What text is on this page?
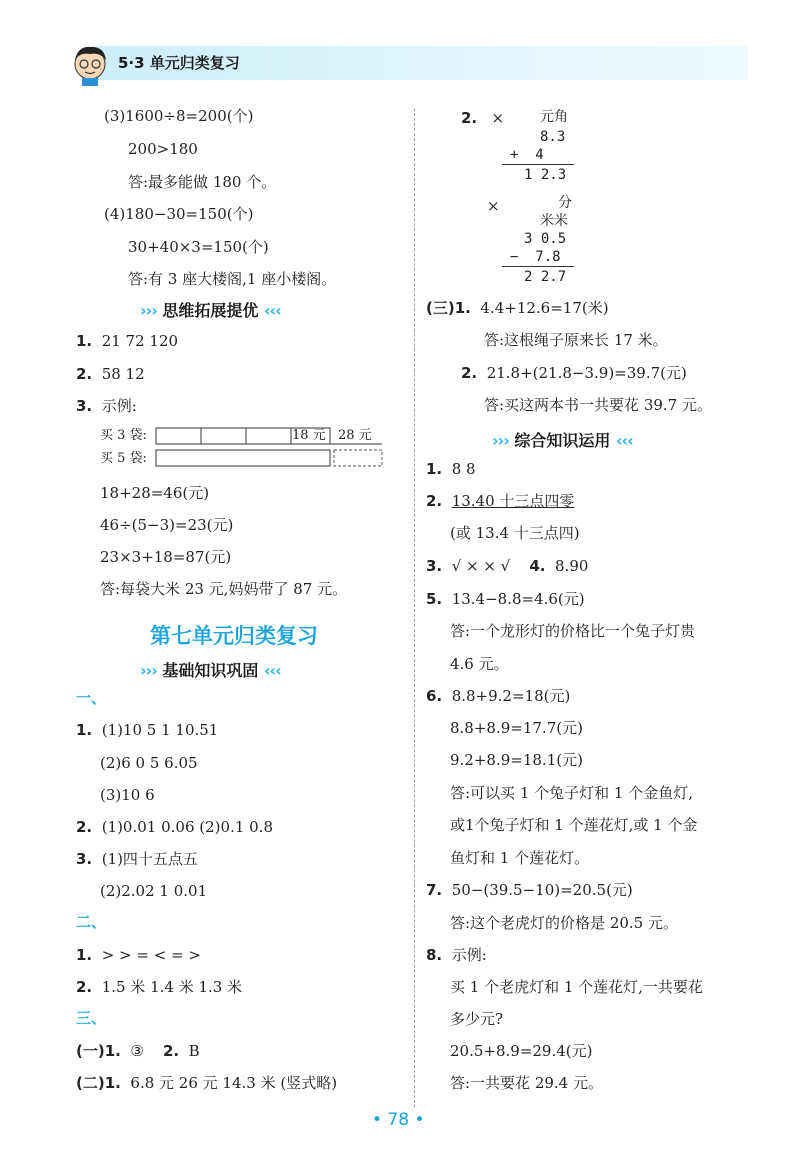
5·3 单元归类复习
(3)1600÷8=200(个)
200>180
答:最多能做 180 个。
(4)180−30=150(个)
30+40×3=150(个)
答:有 3 座大楼阁,1 座小楼阁。
››› 思维拓展提优 ‹‹‹
1. 21 72 120
2. 58 12
3. 示例:
买 3 袋:
买 5 袋:
18 元 28 元
18+28=46(元)
46÷(5−3)=23(元)
23×3+18=87(元)
答:每袋大米 23 元,妈妈带了 87 元。
第七单元归类复习
››› 基础知识巩固 ‹‹‹
一、
1. (1)10 5 1 10.51
(2)6 0 5 6.05
(3)10 6
2. (1)0.01 0.06 (2)0.1 0.8
3. (1)四十五点五
(2)2.02 1 0.01
二、
1. > > = < = >
2. 1.5 米 1.4 米 1.3 米
三、
(一)1. ③ 2. B
(二)1. 6.8 元 26 元 14.3 米 (竖式略)
2. ×	元角
8.3
+  4
1 2.3
×	分
米米
3 0.5
−  7.8
2 2.7
(三)1. 4.4+12.6=17(米)
答:这根绳子原来长 17 米。
2. 21.8+(21.8−3.9)=39.7(元)
答:买这两本书一共要花 39.7 元。
››› 综合知识运用 ‹‹‹
1. 8 8
2. 13.40 十三点四零
(或 13.4 十三点四)
3. √ × × √ 4. 8.90
5. 13.4−8.8=4.6(元)
答:一个龙形灯的价格比一个兔子灯贵
4.6 元。
6. 8.8+9.2=18(元)
8.8+8.9=17.7(元)
9.2+8.9=18.1(元)
答:可以买 1 个兔子灯和 1 个金鱼灯,
或1个兔子灯和 1 个莲花灯,或 1 个金
鱼灯和 1 个莲花灯。
7. 50−(39.5−10)=20.5(元)
答:这个老虎灯的价格是 20.5 元。
8. 示例:
买 1 个老虎灯和 1 个莲花灯,一共要花
多少元?
20.5+8.9=29.4(元)
答:一共要花 29.4 元。
• 78 •
